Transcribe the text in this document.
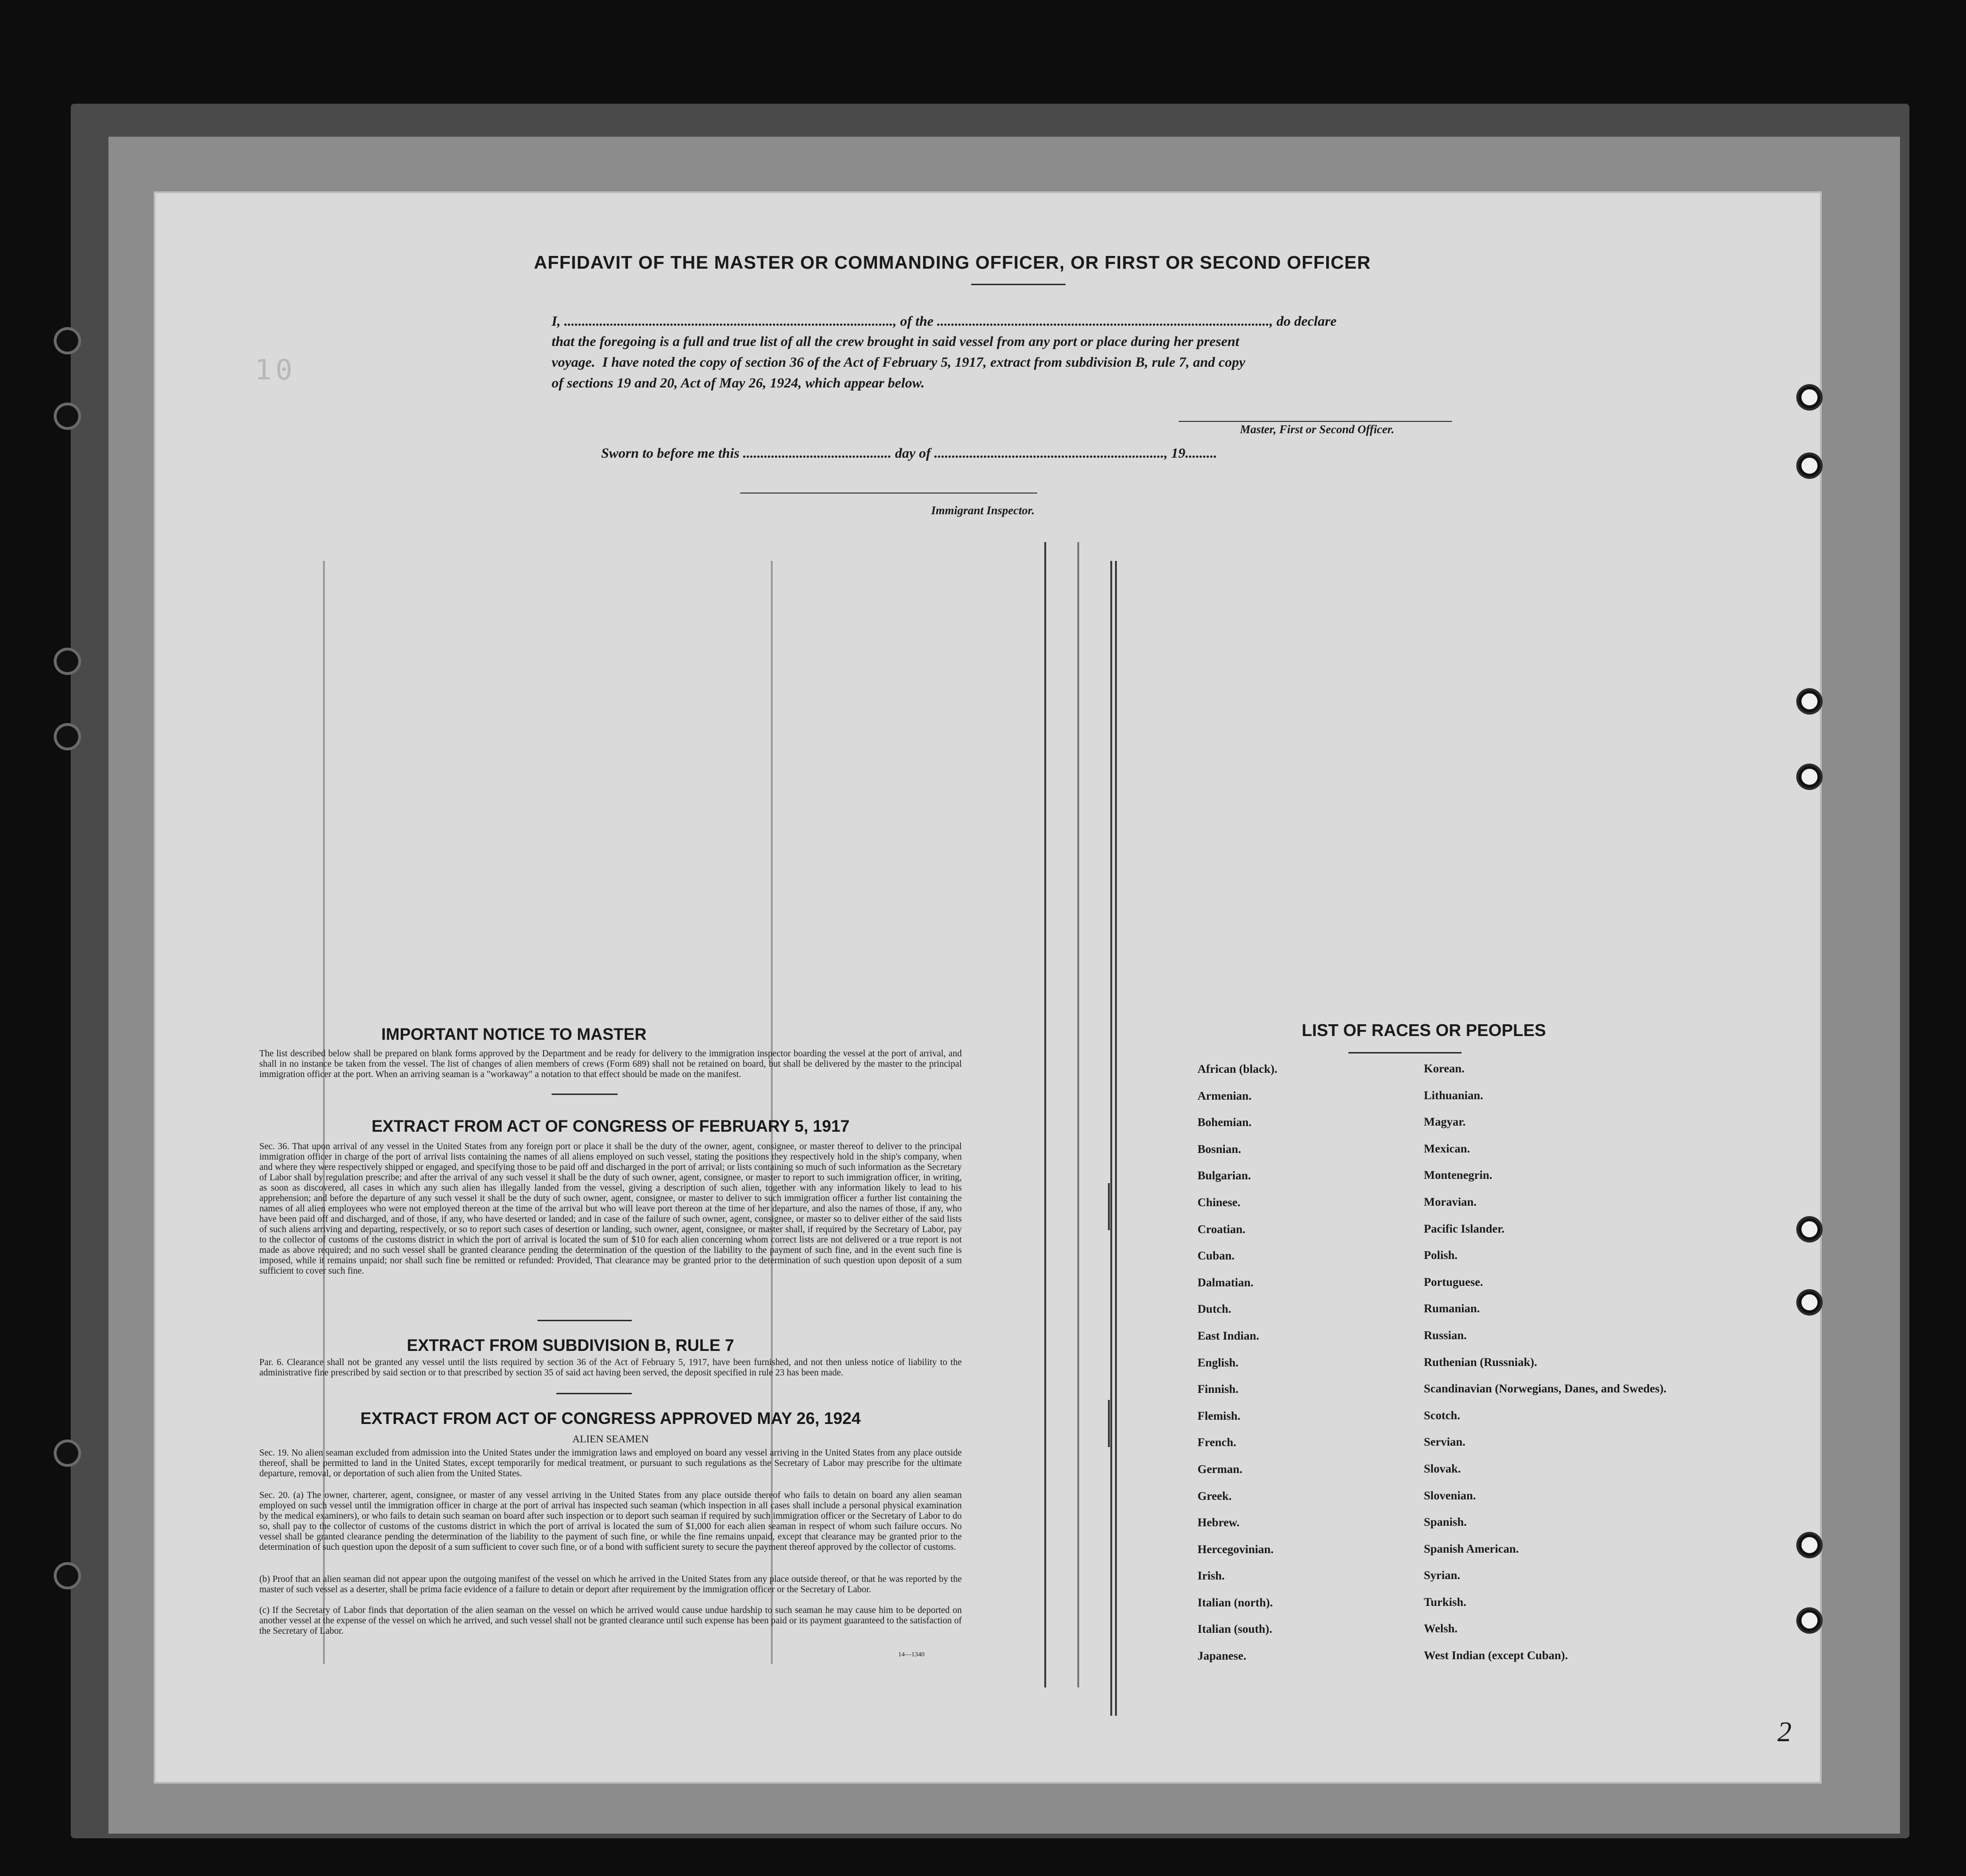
10
AFFIDAVIT OF THE MASTER OR COMMANDING OFFICER, OR FIRST OR SECOND OFFICER
I, ............................................................................................., of the .............................................................................................., do declare
that the foregoing is a full and true list of all the crew brought in said vessel from any port or place during her present
voyage.  I have noted the copy of section 36 of the Act of February 5, 1917, extract from subdivision B, rule 7, and copy
of sections 19 and 20, Act of May 26, 1924, which appear below.
Master, First or Second Officer.
Sworn to before me this .......................................... day of ................................................................., 19.........
Immigrant Inspector.
IMPORTANT NOTICE TO MASTER
The list described below shall be prepared on blank forms approved by the Department and be ready for delivery to the immigration inspector boarding the vessel at the port of arrival, and shall in no instance be taken from the vessel. The list of changes of alien members of crews (Form 689) shall not be retained on board, but shall be delivered by the master to the principal immigration officer at the port. When an arriving seaman is a "workaway" a notation to that effect should be made on the manifest.
EXTRACT FROM ACT OF CONGRESS OF FEBRUARY 5, 1917
Sec. 36. That upon arrival of any vessel in the United States from any foreign port or place it shall be the duty of the owner, agent, consignee, or master thereof to deliver to the principal immigration officer in charge of the port of arrival lists containing the names of all aliens employed on such vessel, stating the positions they respectively hold in the ship's company, when and where they were respectively shipped or engaged, and specifying those to be paid off and discharged in the port of arrival; or lists containing so much of such information as the Secretary of Labor shall by regulation prescribe; and after the arrival of any such vessel it shall be the duty of such owner, agent, consignee, or master to report to such immigration officer, in writing, as soon as discovered, all cases in which any such alien has illegally landed from the vessel, giving a description of such alien, together with any information likely to lead to his apprehension; and before the departure of any such vessel it shall be the duty of such owner, agent, consignee, or master to deliver to such immigration officer a further list containing the names of all alien employees who were not employed thereon at the time of the arrival but who will leave port thereon at the time of her departure, and also the names of those, if any, who have been paid off and discharged, and of those, if any, who have deserted or landed; and in case of the failure of such owner, agent, consignee, or master so to deliver either of the said lists of such aliens arriving and departing, respectively, or so to report such cases of desertion or landing, such owner, agent, consignee, or master shall, if required by the Secretary of Labor, pay to the collector of customs of the customs district in which the port of arrival is located the sum of $10 for each alien concerning whom correct lists are not delivered or a true report is not made as above required; and no such vessel shall be granted clearance pending the determination of the question of the liability to the payment of such fine, and in the event such fine is imposed, while it remains unpaid; nor shall such fine be remitted or refunded: Provided, That clearance may be granted prior to the determination of such question upon deposit of a sum sufficient to cover such fine.
EXTRACT FROM SUBDIVISION B, RULE 7
Par. 6. Clearance shall not be granted any vessel until the lists required by section 36 of the Act of February 5, 1917, have been furnished, and not then unless notice of liability to the administrative fine prescribed by said section or to that prescribed by section 35 of said act having been served, the deposit specified in rule 23 has been made.
EXTRACT FROM ACT OF CONGRESS APPROVED MAY 26, 1924
ALIEN SEAMEN
Sec. 19. No alien seaman excluded from admission into the United States under the immigration laws and employed on board any vessel arriving in the United States from any place outside thereof, shall be permitted to land in the United States, except temporarily for medical treatment, or pursuant to such regulations as the Secretary of Labor may prescribe for the ultimate departure, removal, or deportation of such alien from the United States.
Sec. 20. (a) The owner, charterer, agent, consignee, or master of any vessel arriving in the United States from any place outside thereof who fails to detain on board any alien seaman employed on such vessel until the immigration officer in charge at the port of arrival has inspected such seaman (which inspection in all cases shall include a personal physical examination by the medical examiners), or who fails to detain such seaman on board after such inspection or to deport such seaman if required by such immigration officer or the Secretary of Labor to do so, shall pay to the collector of customs of the customs district in which the port of arrival is located the sum of $1,000 for each alien seaman in respect of whom such failure occurs. No vessel shall be granted clearance pending the determination of the liability to the payment of such fine, or while the fine remains unpaid, except that clearance may be granted prior to the determination of such question upon the deposit of a sum sufficient to cover such fine, or of a bond with sufficient surety to secure the payment thereof approved by the collector of customs.
(b) Proof that an alien seaman did not appear upon the outgoing manifest of the vessel on which he arrived in the United States from any place outside thereof, or that he was reported by the master of such vessel as a deserter, shall be prima facie evidence of a failure to detain or deport after requirement by the immigration officer or the Secretary of Labor.
(c) If the Secretary of Labor finds that deportation of the alien seaman on the vessel on which he arrived would cause undue hardship to such seaman he may cause him to be deported on another vessel at the expense of the vessel on which he arrived, and such vessel shall not be granted clearance until such expense has been paid or its payment guaranteed to the satisfaction of the Secretary of Labor.
14—1340
LIST OF RACES OR PEOPLES
African (black).	Korean.
Armenian.	Lithuanian.
Bohemian.	Magyar.
Bosnian.	Mexican.
Bulgarian.	Montenegrin.
Chinese.	Moravian.
Croatian.	Pacific Islander.
Cuban.	Polish.
Dalmatian.	Portuguese.
Dutch.	Rumanian.
East Indian.	Russian.
English.	Ruthenian (Russniak).
Finnish.	Scandinavian (Norwegians, Danes, and Swedes).
Flemish.	Scotch.
French.	Servian.
German.	Slovak.
Greek.	Slovenian.
Hebrew.	Spanish.
Hercegovinian.	Spanish American.
Irish.	Syrian.
Italian (north).	Turkish.
Italian (south).	Welsh.
Japanese.	West Indian (except Cuban).
2
